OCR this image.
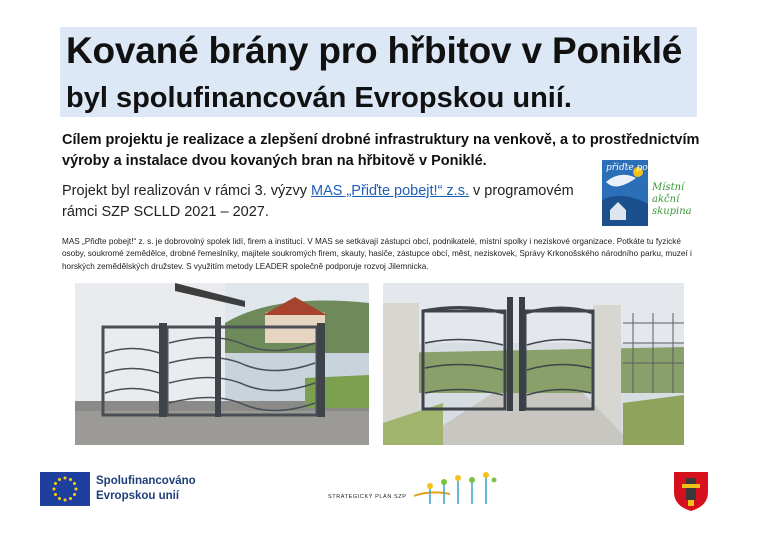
Kované brány pro hřbitov v Poniklé
byl spolufinancován Evropskou unií.

Cílem projektu je realizace a zlepšení drobné infrastruktury na venkově, a to prostřednictvím výroby a instalace dvou kovaných bran na hřbitově v Poniklé.

Projekt byl realizován v rámci 3. výzvy MAS „Přiďte pobejt!“ z.s. v programovém rámci SZP SCLLD 2021 – 2027.

přiďte pobejt
Místní
akční
skupina

MAS „Přiďte pobejt!“ z. s. je dobrovolný spolek lidí, firem a institucí. V MAS se setkávají zástupci obcí, podnikatelé, místní spolky i neziskové organizace. Potkáte tu fyzické osoby, soukromé zemědělce, drobné řemeslníky, majitele soukromých firem, skauty, hasiče, zástupce obcí, měst, neziskovek, Správy Krkonošského národního parku, muzeí i horských zemědělských družstev. S využitím metody LEADER společně podporuje rozvoj Jilemnicka.

Spolufinancováno
Evropskou unií	STRATEGICKÝ PLÁN SZP
